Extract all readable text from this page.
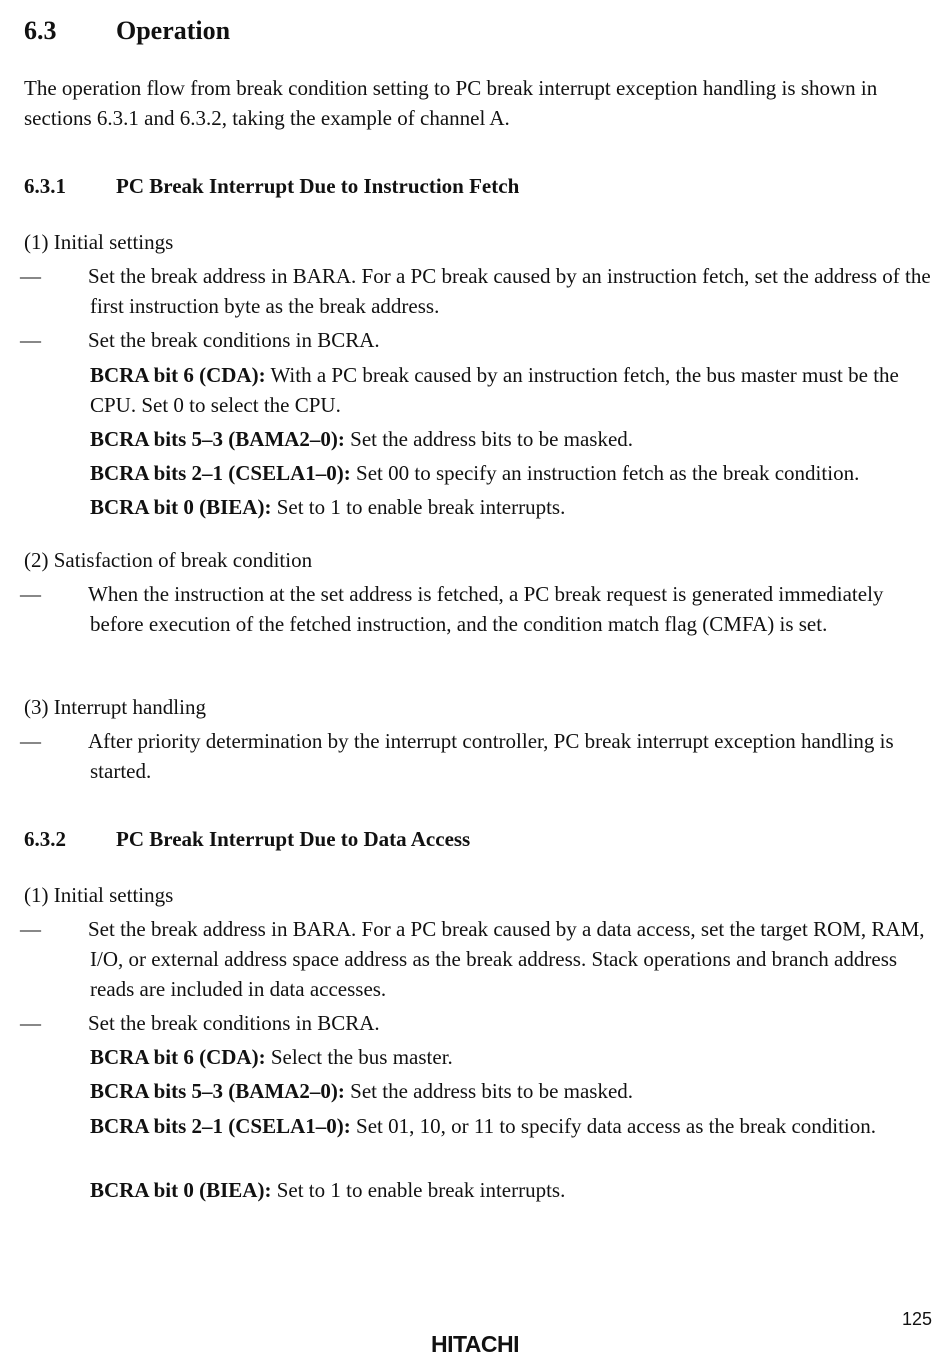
6.3 Operation

The operation flow from break condition setting to PC break interrupt exception handling is shown in sections 6.3.1 and 6.3.2, taking the example of channel A.

6.3.1 PC Break Interrupt Due to Instruction Fetch
(1) Initial settings

— Set the break address in BARA. For a PC break caused by an instruction fetch, set the address of the first instruction byte as the break address.

— Set the break conditions in BCRA.

BCRA bit 6 (CDA): With a PC break caused by an instruction fetch, the bus master must be the CPU. Set 0 to select the CPU.

BCRA bits 5–3 (BAMA2–0): Set the address bits to be masked.

BCRA bits 2–1 (CSELA1–0): Set 00 to specify an instruction fetch as the break condition.

BCRA bit 0 (BIEA): Set to 1 to enable break interrupts.

(2) Satisfaction of break condition

— When the instruction at the set address is fetched, a PC break request is generated immediately before execution of the fetched instruction, and the condition match flag (CMFA) is set.

(3) Interrupt handling

— After priority determination by the interrupt controller, PC break interrupt exception handling is started.

6.3.2 PC Break Interrupt Due to Data Access
(1) Initial settings

— Set the break address in BARA. For a PC break caused by a data access, set the target ROM, RAM, I/O, or external address space address as the break address. Stack operations and branch address reads are included in data accesses.

— Set the break conditions in BCRA.

BCRA bit 6 (CDA): Select the bus master.

BCRA bits 5–3 (BAMA2–0): Set the address bits to be masked.

BCRA bits 2–1 (CSELA1–0): Set 01, 10, or 11 to specify data access as the break condition.

BCRA bit 0 (BIEA): Set to 1 to enable break interrupts.

125
HITACHI
